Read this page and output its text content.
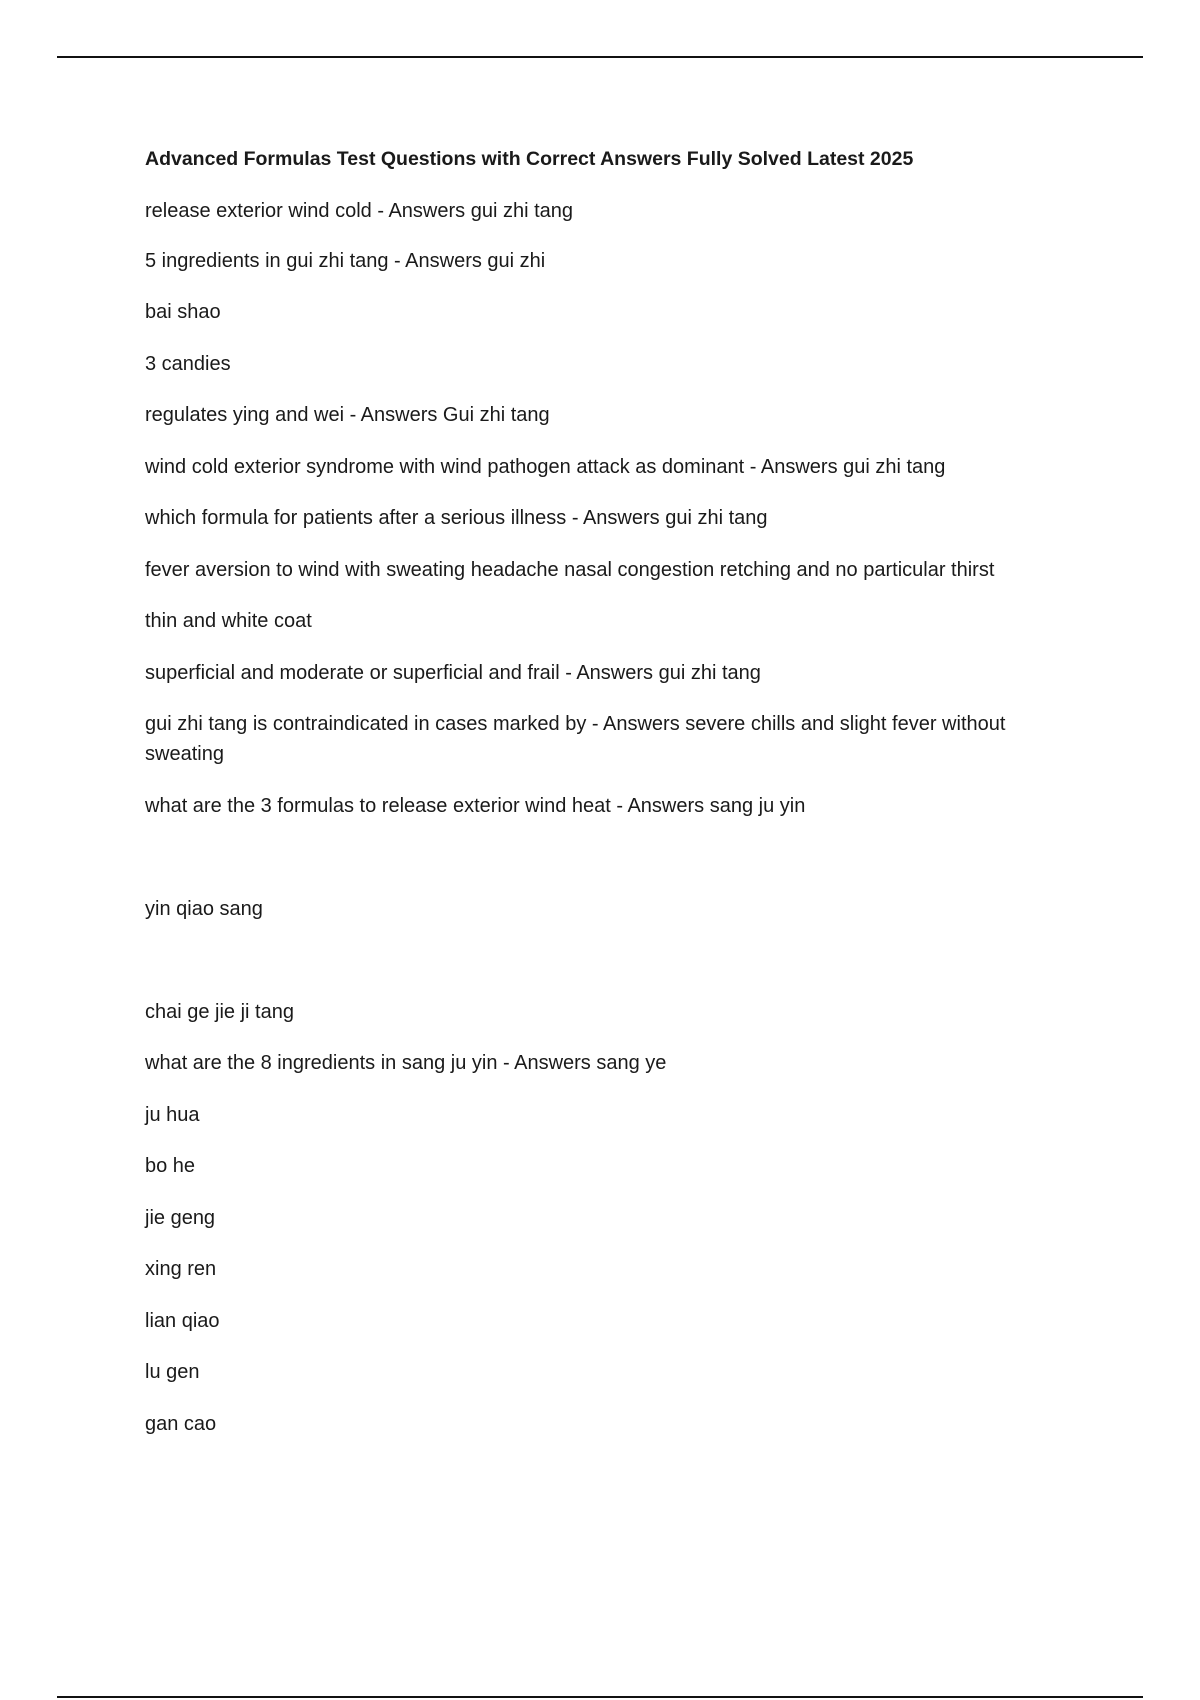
Advanced Formulas Test Questions with Correct Answers Fully Solved Latest 2025
release exterior wind cold - Answers gui zhi tang
5 ingredients in gui zhi tang - Answers gui zhi
bai shao
3 candies
regulates ying and wei - Answers Gui zhi tang
wind cold exterior syndrome with wind pathogen attack as dominant - Answers gui zhi tang
which formula for patients after a serious illness - Answers gui zhi tang
fever aversion to wind with sweating headache nasal congestion retching and no particular thirst
thin and white coat
superficial and moderate or superficial and frail - Answers gui zhi tang
gui zhi tang is contraindicated in cases marked by - Answers severe chills and slight fever without sweating
what are the 3 formulas to release exterior wind heat - Answers sang ju yin
yin qiao sang
chai ge jie ji tang
what are the 8 ingredients in sang ju yin - Answers sang ye
ju hua
bo he
jie geng
xing ren
lian qiao
lu gen
gan cao
